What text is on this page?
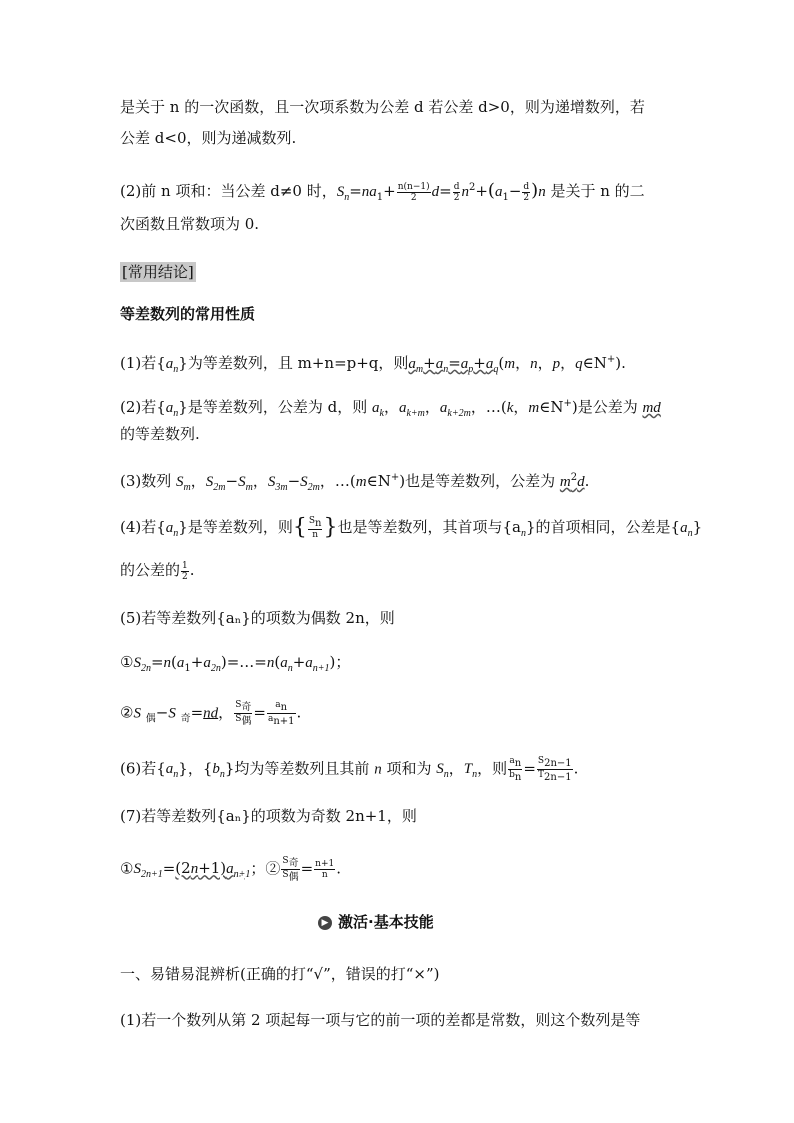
是关于 n 的一次函数，且一次项系数为公差 d 若公差 d>0，则为递增数列，若
公差 d<0，则为递减数列.
(2)前 n 项和：当公差 d≠0 时，$S_n=na_1+ \frac{n(n-1)}{2} d= \frac{d}{2} n^2+(a_1- \frac{d}{2} )n$ 是关于 n 的二
次函数且常数项为 0.
[常用结论]
等差数列的常用性质
(1)若$\{a_n\}$为等差数列，且 m+n=p+q，则$a_m+a_n=a_p+a_q(m$，n，p，q∈N+).
(2)若$\{a_n\}$是等差数列，公差为 d，则 $a_k$，$a_{k+m}$，$a_{k+2m}$，…(k，m∈N+)是公差为 md
的等差数列.
(3)数列 $S_m$，$S_{2m}-S_m$，$S_{3m}-S_{2m}$，…(m∈N+)也是等差数列，公差为 $m^2d$.
(4)若$\{a_n\}$是等差数列，则{ $\frac{S_n}{n}$ }也是等差数列，其首项与$\{a_n\}$的首项相同，公差是$\{a_n\}$
的公差的 $\frac{1}{2}$ .
(5)若等差数列{aₙ}的项数为偶数 2n，则
$①S_{2n}=n(a_1+a_{2n})=\dots=n(a_n+a_{n+1})$；
②S $_偶$−S $_奇$=nd， $\frac{S_奇}{S_偶} = \frac{a_n}{a_{n+1}}$ .
(6)若$\{a_n\}$，$\{b_n\}$均为等差数列且其前 n 项和为 $S_n$，$T_n$，则 $\frac{a_n}{b_n} = \frac{S_{2n-1}}{T_{2n-1}}$ .
(7)若等差数列{aₙ}的项数为奇数 2n+1，则
$①S_{2n+1}=(2n+1)a_{n+1}$；② $\frac{S_奇}{S_偶} = \frac{n+1}{n}$ .
▶ 激活·基本技能
一、易错易混辨析(正确的打“√”，错误的打“×”)
(1)若一个数列从第 2 项起每一项与它的前一项的差都是常数，则这个数列是等
